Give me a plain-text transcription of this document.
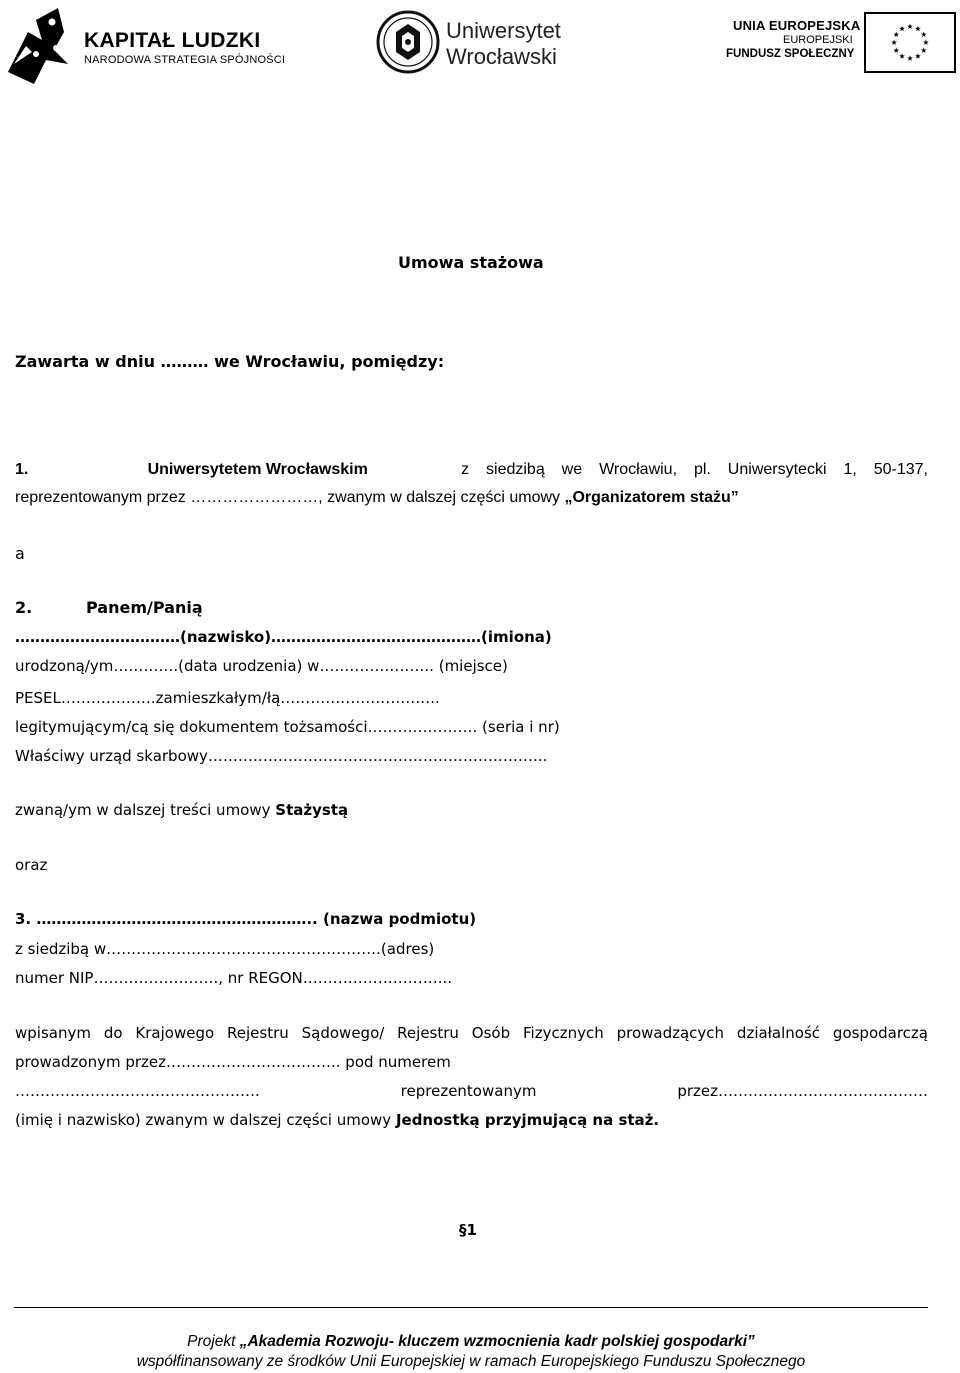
KAPITAŁ LUDZKI
NARODOWA STRATEGIA SPÓJNOŚCI
Uniwersytet
Wrocławski
UNIA EUROPEJSKA
EUROPEJSKI
FUNDUSZ SPOŁECZNY
Umowa stażowa
Zawarta w dniu ……… we Wrocławiu, pomiędzy:
1.	Uniwersytetem Wrocławskim	z siedzibą we Wrocławiu, pl. Uniwersytecki 1, 50-137,
reprezentowanym przez ……………………, zwanym w dalszej części umowy „Organizatorem stażu”
a
2.	Panem/Panią
……………………………(nazwisko)……………………………………(imiona)
urodzoną/ym………….(data urodzenia) w………………….. (miejsce)
PESEL……………….zamieszkałym/łą…………………………..
legitymującym/cą się dokumentem tożsamości…………………. (seria i nr)
Właściwy urząd skarbowy…………………………………………………………..
zwaną/ym w dalszej treści umowy Stażystą
oraz
3. ……………………………………………….. (nazwa podmiotu)
z siedzibą w……………………………………………….(adres)
numer NIP……………………., nr REGON………………………...
wpisanym do Krajowego Rejestru Sądowego/ Rejestru Osób Fizycznych prowadzących działalność gospodarczą
prowadzonym przez…………………………….. pod numerem
…………………………………………. reprezentowanym przez……………………………………
(imię i nazwisko) zwanym w dalszej części umowy Jednostką przyjmującą na staż.
§1
Projekt „Akademia Rozwoju- kluczem wzmocnienia kadr polskiej gospodarki”
współfinansowany ze środków Unii Europejskiej w ramach Europejskiego Funduszu Społecznego
